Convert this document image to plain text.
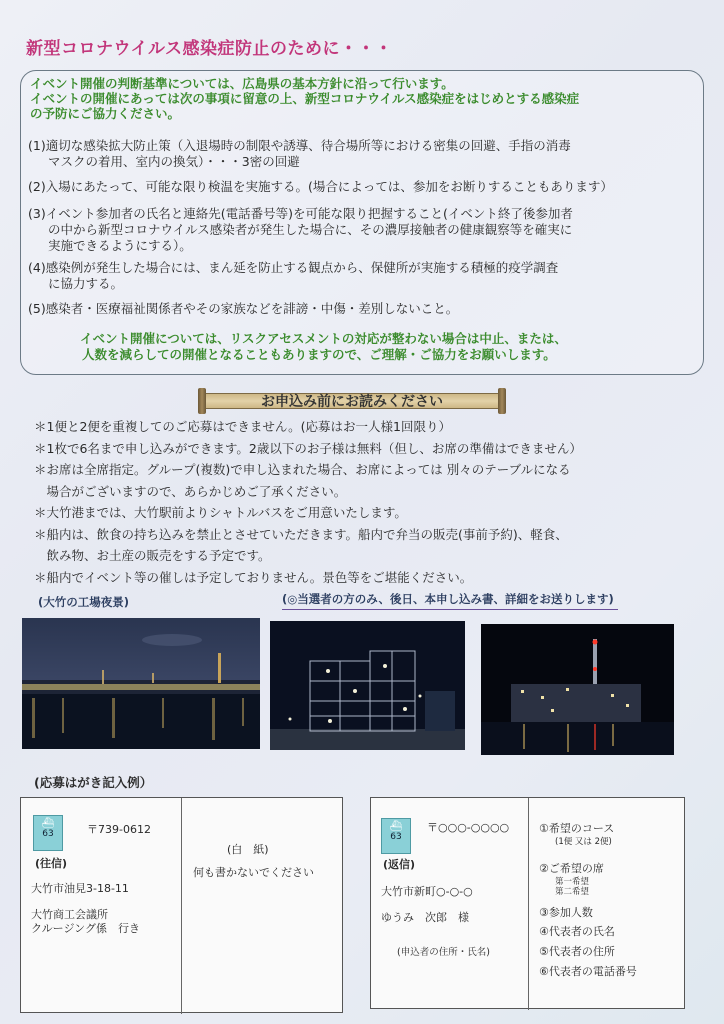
新型コロナウイルス感染症防止のために・・・
イベント開催の判断基準については、広島県の基本方針に沿って行います。
イベントの開催にあっては次の事項に留意の上、新型コロナウイルス感染症をはじめとする感染症
の予防にご協力ください。
(1)適切な感染拡大防止策（入退場時の制限や誘導、待合場所等における密集の回避、手指の消毒
マスクの着用、室内の換気）・・・3密の回避
(2)入場にあたって、可能な限り検温を実施する。(場合によっては、参加をお断りすることもあります）
(3)イベント参加者の氏名と連絡先(電話番号等)を可能な限り把握すること(イベント終了後参加者
の中から新型コロナウイルス感染者が発生した場合に、その濃厚接触者の健康観察等を確実に
実施できるようにする）。
(4)感染例が発生した場合には、まん延を防止する観点から、保健所が実施する積極的疫学調査
に協力する。
(5)感染者・医療福祉関係者やその家族などを誹謗・中傷・差別しないこと。
イベント開催については、リスクアセスメントの対応が整わない場合は中止、または、
人数を減らしての開催となることもありますので、ご理解・ご協力をお願いします。
お申込み前にお読みください
＊1便と2便を重複してのご応募はできません。(応募はお一人様1回限り）
＊1枚で6名まで申し込みができます。2歳以下のお子様は無料（但し、お席の準備はできません）
＊お席は全席指定。グループ(複数)で申し込まれた場合、お席によっては 別々のテーブルになる
　場合がございますので、あらかじめご了承ください。
＊大竹港までは、大竹駅前よりシャトルバスをご用意いたします。
＊船内は、飲食の持ち込みを禁止とさせていただきます。船内で弁当の販売(事前予約)、軽食、
　飲み物、お土産の販売をする予定です。
＊船内でイベント等の催しは予定しておりません。景色等をご堪能ください。
(大竹の工場夜景)	(◎当選者の方のみ、後日、本申し込み書、詳細をお送りします)
(応募はがき記入例）
⛴
63	〒739-0612
(往信)
大竹市油見3-18-11
大竹商工会議所
クルージング係　行き
(白　紙)
何も書かないでください
⛴
63
〒○○○-○○○○
(返信)
大竹市新町○-○-○
ゆうみ　次郎　様
(申込者の住所・氏名)
①希望のコース
(1便 又は 2便)
②ご希望の席
第一希望
第二希望
③参加人数
④代表者の氏名
⑤代表者の住所
⑥代表者の電話番号
